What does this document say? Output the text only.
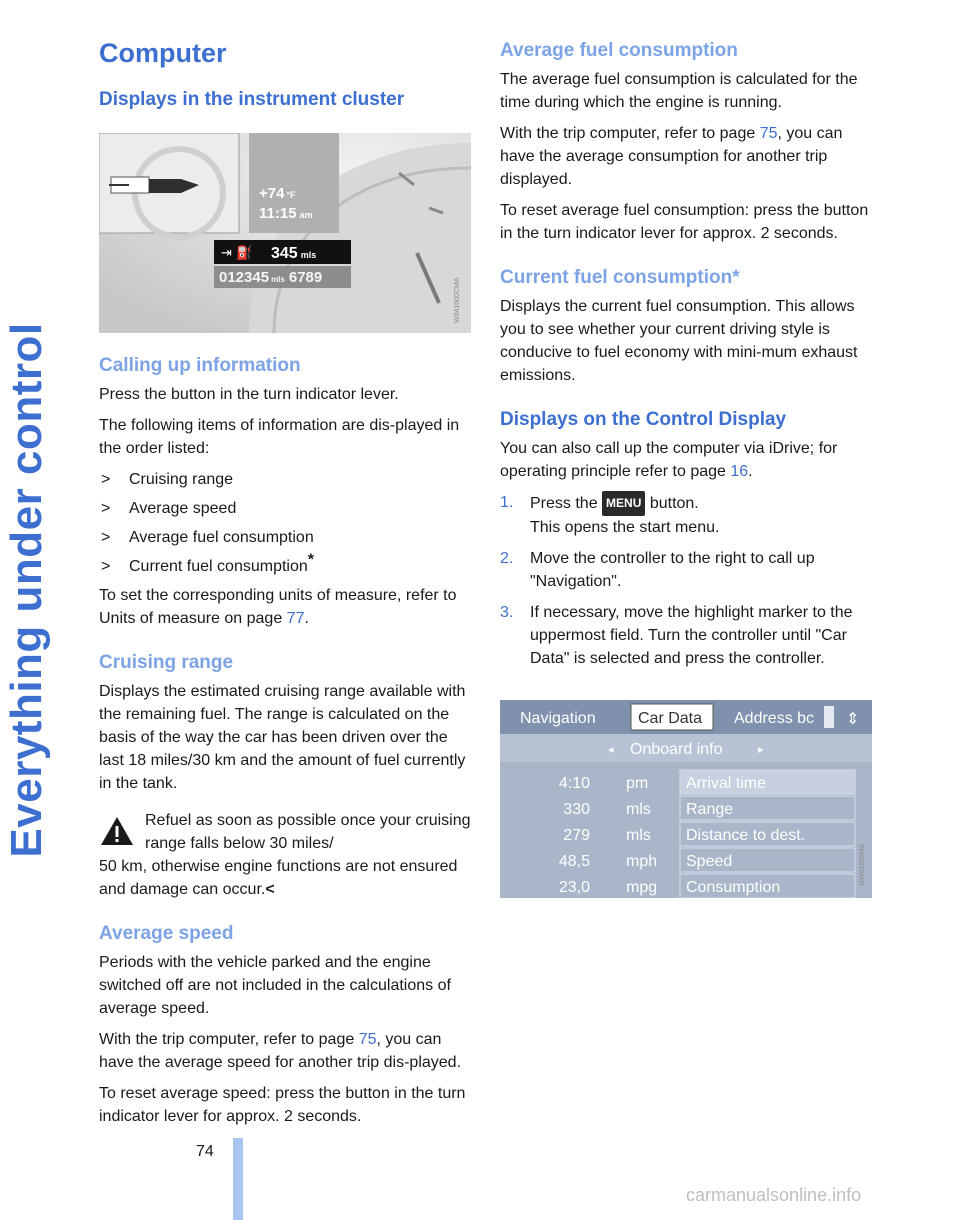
Everything under control
Computer
Displays in the instrument cluster
+74 °F
11:15 am
⇥ ⛽ 345 mls
012345 mls 6789	W041600CMA
Calling up information

Press the button in the turn indicator lever.

The following items of information are dis-played in the order listed:

> Cruising range
> Average speed
> Average fuel consumption
> Current fuel consumption*

To set the corresponding units of measure, refer to Units of measure on page 77.

Cruising range

Displays the estimated cruising range available with the remaining fuel. The range is calculated on the basis of the way the car has been driven over the last 18 miles/30 km and the amount of fuel currently in the tank.

Refuel as soon as possible once your cruising range falls below 30 miles/

50 km, otherwise engine functions are not ensured and damage can occur.<

Average speed

Periods with the vehicle parked and the engine switched off are not included in the calculations of average speed.

With the trip computer, refer to page 75, you can have the average speed for another trip dis-played.

To reset average speed: press the button in the turn indicator lever for approx. 2 seconds.

Average fuel consumption

The average fuel consumption is calculated for the time during which the engine is running.

With the trip computer, refer to page 75, you can have the average consumption for another trip displayed.

To reset average fuel consumption: press the button in the turn indicator lever for approx. 2 seconds.

Current fuel consumption*

Displays the current fuel consumption. This allows you to see whether your current driving style is conducive to fuel economy with mini-mum exhaust emissions.

Displays on the Control Display

You can also call up the computer via iDrive; for operating principle refer to page 16.

1. Press the MENU button.
This opens the start menu.
2. Move the controller to the right to call up "Navigation".
3. If necessary, move the highlight marker to the uppermost field. Turn the controller until "Car Data" is selected and press the controller.
Navigation	Car Data Address bc ⇕
◂ Onboard info	▸
4:10 pm Arrival time
330 mls Range
279 mls Distance to dest.
48,5 mph Speed
23,0 mpg Consumption
MW01808MA
74
carmanualsonline.info
